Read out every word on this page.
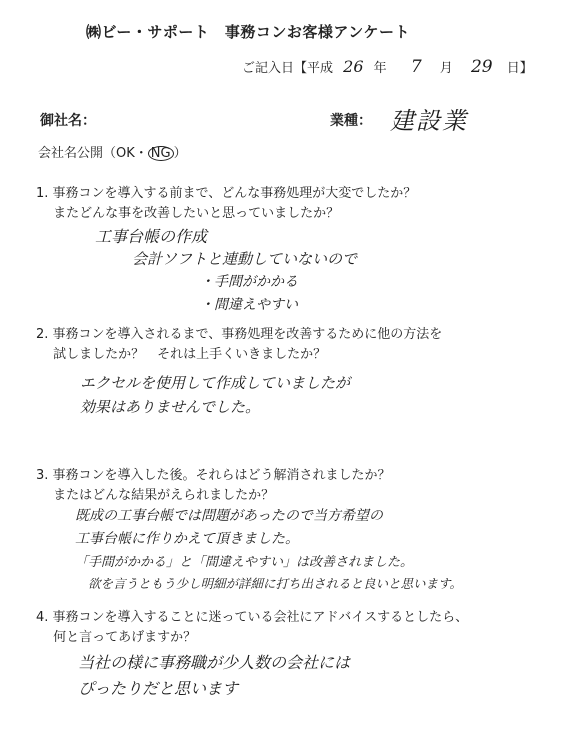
㈱ビー・サポート　事務コンお客様アンケート
ご記入日【平成 26 年 7 月 29 日】
御社名：	業種： 建設業
会社名公開（OK・ NG ）
1. 事務コンを導入する前まで、どんな事務処理が大変でしたか？
　 またどんな事を改善したいと思っていましたか？
工事台帳の作成
会計ソフトと連動していないので
・手間がかかる
・間違えやすい
2. 事務コンを導入されるまで、事務処理を改善するために他の方法を
　 試しましたか？　それは上手くいきましたか？
エクセルを使用して作成していましたが
効果はありませんでした。
3. 事務コンを導入した後。それらはどう解消されましたか？
　 またはどんな結果がえられましたか？
既成の工事台帳では問題があったので当方希望の
工事台帳に作りかえて頂きました。
「手間がかかる」と「間違えやすい」は改善されました。
欲を言うともう少し明細が詳細に打ち出されると良いと思います。
4. 事務コンを導入することに迷っている会社にアドバイスするとしたら、
　 何と言ってあげますか？
当社の様に事務職が少人数の会社には
ぴったりだと思います
